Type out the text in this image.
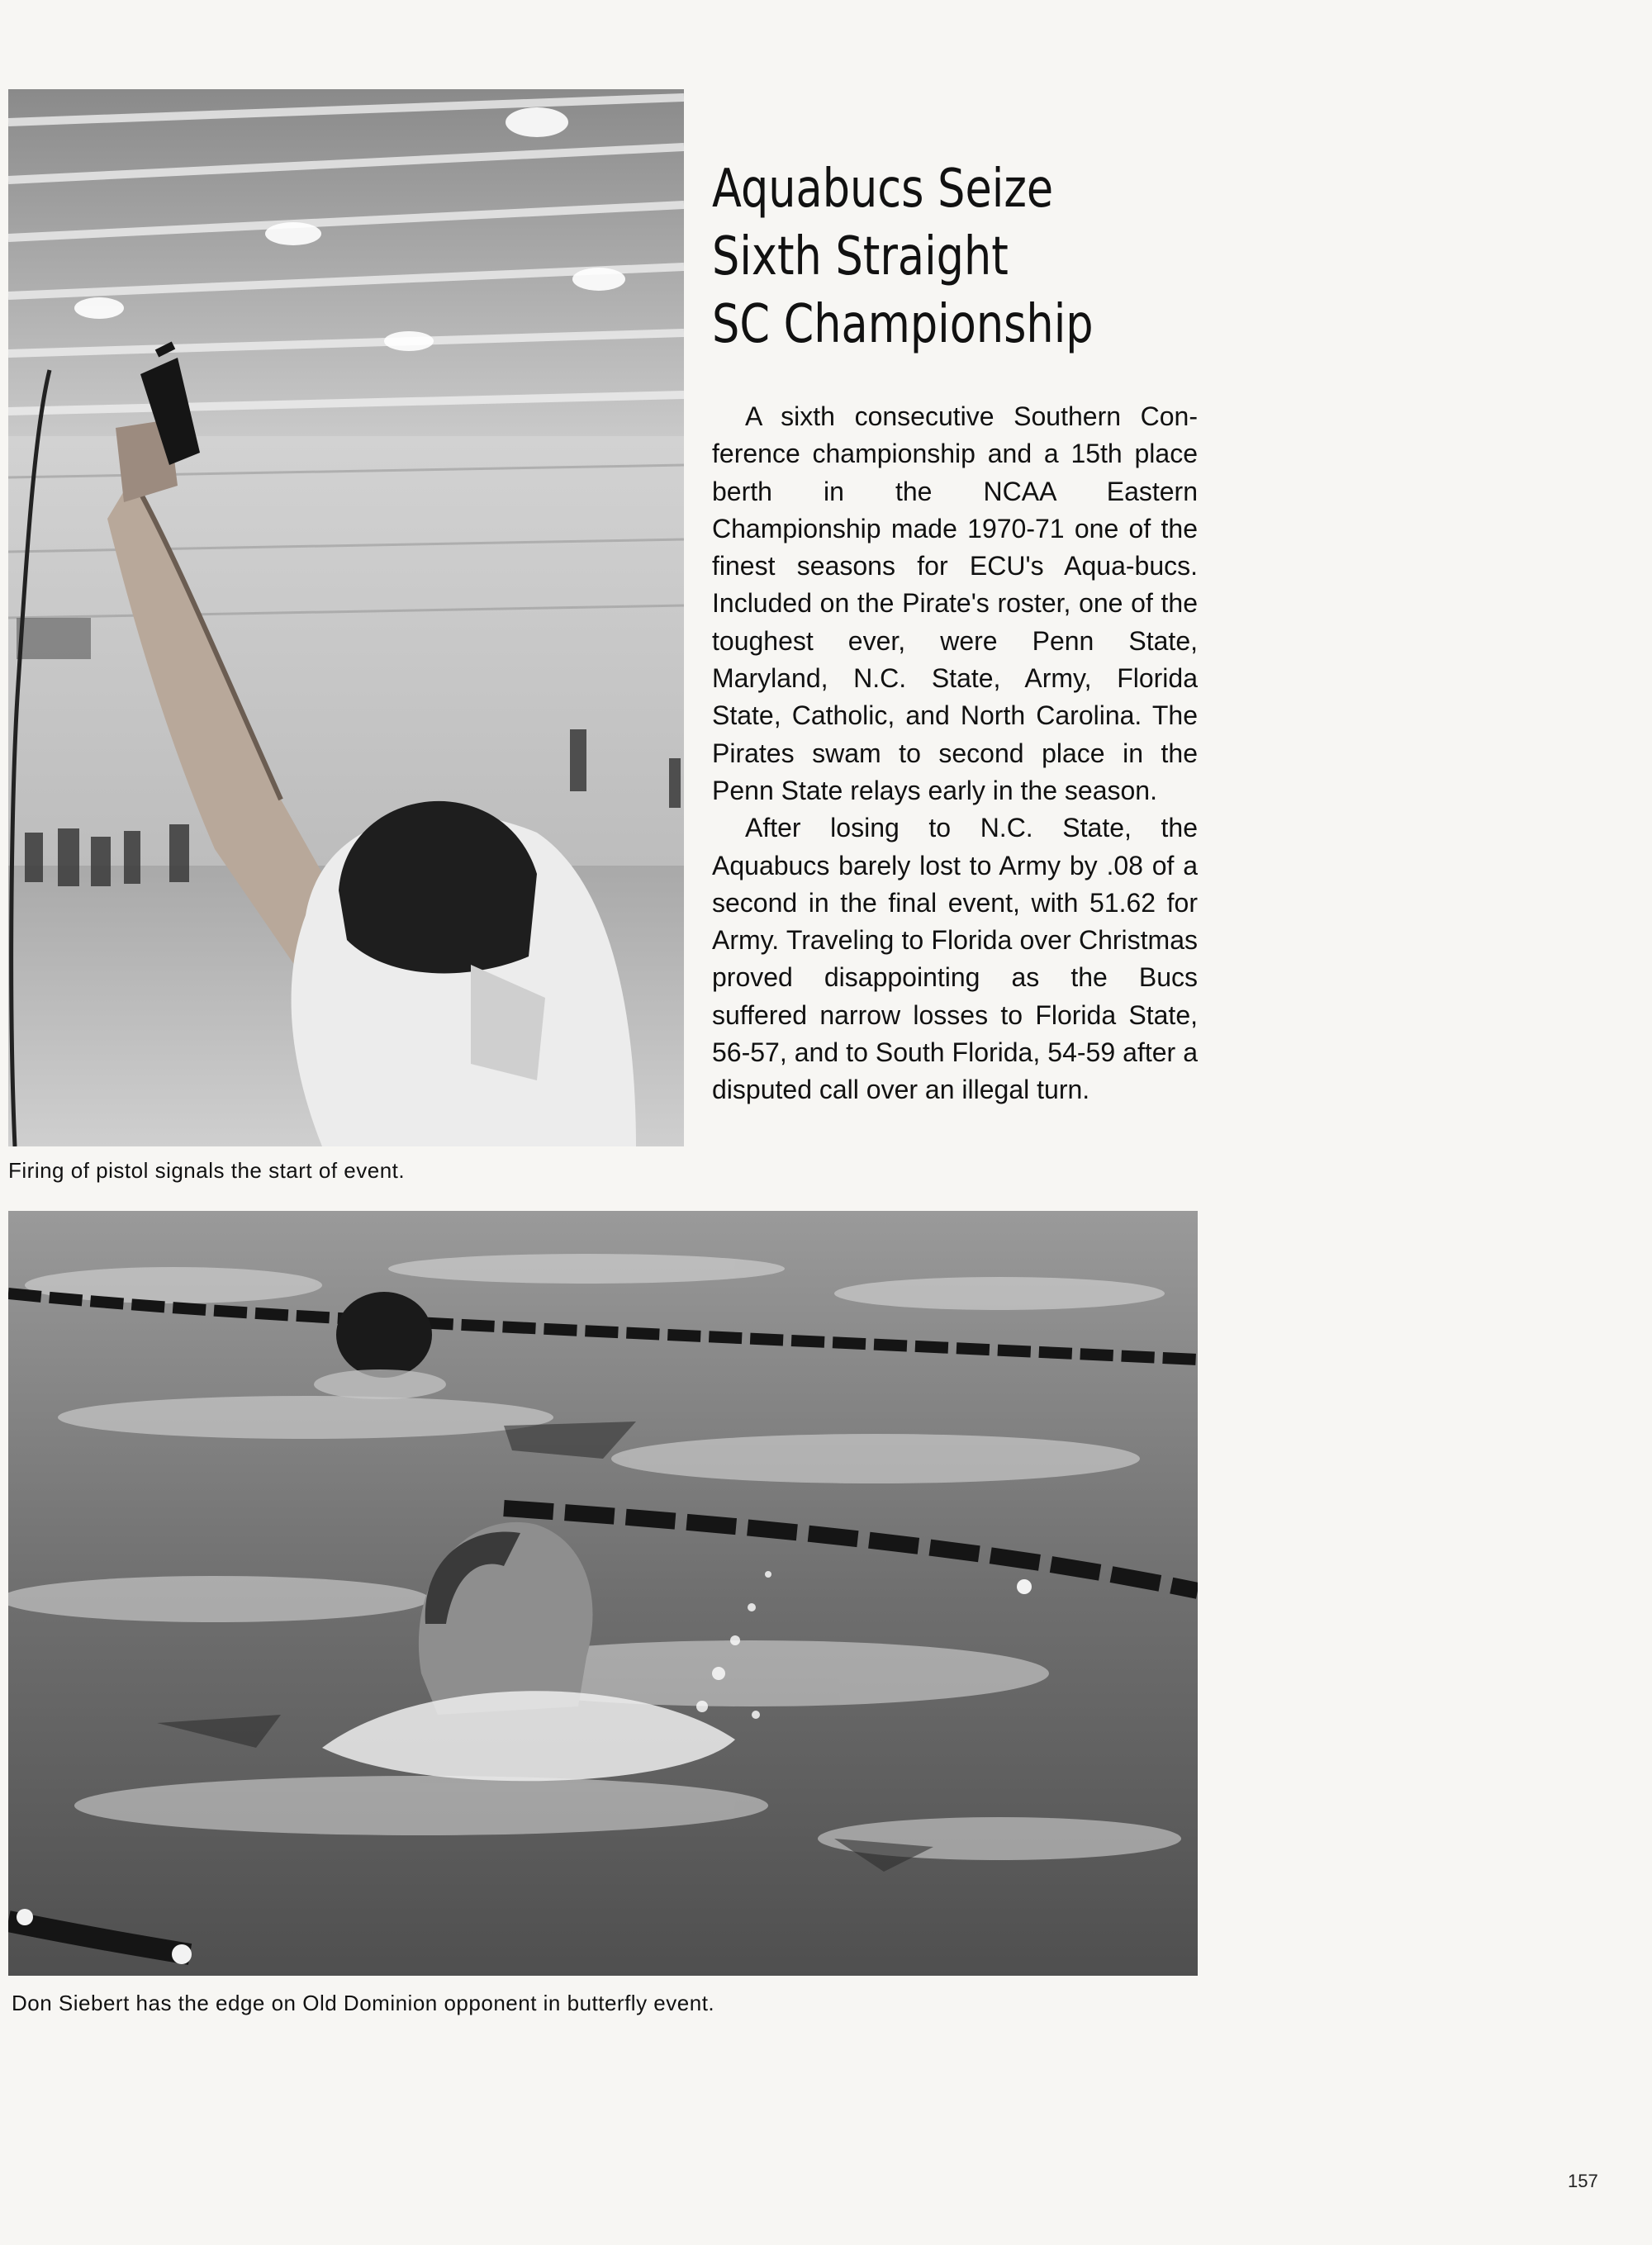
Firing of pistol signals the start of event.
Aquabucs Seize
Sixth Straight
SC Championship

A sixth consecutive Southern Con-ference championship and a 15th place berth in the NCAA Eastern Championship made 1970-71 one of the finest seasons for ECU's Aqua-bucs. Included on the Pirate's roster, one of the toughest ever, were Penn State, Maryland, N.C. State, Army, Florida State, Catholic, and North Carolina. The Pirates swam to second place in the Penn State relays early in the season.

After losing to N.C. State, the Aquabucs barely lost to Army by .08 of a second in the final event, with 51.62 for Army. Traveling to Florida over Christmas proved disappointing as the Bucs suffered narrow losses to Florida State, 56-57, and to South Florida, 54-59 after a disputed call over an illegal turn.

Don Siebert has the edge on Old Dominion opponent in butterfly event.
157
